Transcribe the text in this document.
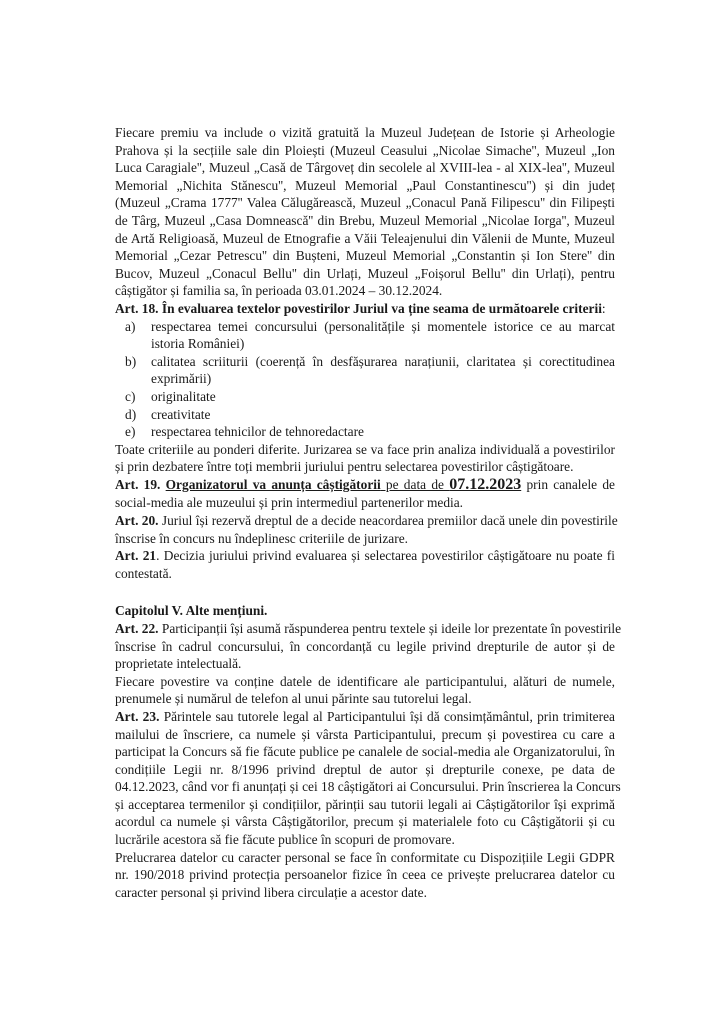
Fiecare premiu va include o vizită gratuită la Muzeul Județean de Istorie și Arheologie
Prahova și la secțiile sale din Ploiești (Muzeul Ceasului „Nicolae Simache'', Muzeul „Ion
Luca Caragiale'', Muzeul „Casă de Târgoveț din secolele al XVIII-lea - al XIX-lea'', Muzeul
Memorial „Nichita Stănescu'', Muzeul Memorial „Paul Constantinescu'') și din județ
(Muzeul „Crama 1777'' Valea Călugărească, Muzeul „Conacul Pană Filipescu'' din Filipești
de Târg, Muzeul „Casa Domnească'' din Brebu, Muzeul Memorial „Nicolae Iorga'', Muzeul
de Artă Religioasă, Muzeul de Etnografie a Văii Teleajenului din Vălenii de Munte, Muzeul
Memorial „Cezar Petrescu'' din Bușteni, Muzeul Memorial „Constantin și Ion Stere'' din
Bucov, Muzeul „Conacul Bellu'' din Urlați, Muzeul „Foișorul Bellu'' din Urlați), pentru
câștigător și familia sa, în perioada 03.01.2024 – 30.12.2024.
Art. 18. În evaluarea textelor povestirilor Juriul va ține seama de următoarele criterii:
a) respectarea temei concursului (personalitățile și momentele istorice ce au marcat
istoria României)
b) calitatea scriiturii (coerență în desfășurarea narațiunii, claritatea și corectitudinea
exprimării)
c) originalitate
d) creativitate
e) respectarea tehnicilor de tehnoredactare
Toate criteriile au ponderi diferite. Jurizarea se va face prin analiza individuală a povestirilor
și prin dezbatere între toți membrii juriului pentru selectarea povestirilor câștigătoare.
Art. 19. Organizatorul va anunța câștigătorii pe data de 07.12.2023 prin canalele de
social-media ale muzeului și prin intermediul partenerilor media.
Art. 20. Juriul își rezervă dreptul de a decide neacordarea premiilor dacă unele din povestirile
înscrise în concurs nu îndeplinesc criteriile de jurizare.
Art. 21. Decizia juriului privind evaluarea și selectarea povestirilor câștigătoare nu poate fi
contestată.
Capitolul V. Alte mențiuni.
Art. 22. Participanții își asumă răspunderea pentru textele și ideile lor prezentate în povestirile
înscrise în cadrul concursului, în concordanță cu legile privind drepturile de autor și de
proprietate intelectuală.
Fiecare povestire va conține datele de identificare ale participantului, alături de numele,
prenumele și numărul de telefon al unui părinte sau tutorelui legal.
Art. 23. Părintele sau tutorele legal al Participantului își dă consimțământul, prin trimiterea
mailului de înscriere, ca numele și vârsta Participantului, precum și povestirea cu care a
participat la Concurs să fie făcute publice pe canalele de social-media ale Organizatorului, în
condițiile Legii nr. 8/1996 privind dreptul de autor și drepturile conexe, pe data de
04.12.2023, când vor fi anunțați și cei 18 câștigători ai Concursului. Prin înscrierea la Concurs
și acceptarea termenilor și condițiilor, părinții sau tutorii legali ai Câștigătorilor își exprimă
acordul ca numele și vârsta Câștigătorilor, precum și materialele foto cu Câștigătorii și cu
lucrările acestora să fie făcute publice în scopuri de promovare.
Prelucrarea datelor cu caracter personal se face în conformitate cu Dispozițiile Legii GDPR
nr. 190/2018 privind protecția persoanelor fizice în ceea ce privește prelucrarea datelor cu
caracter personal și privind libera circulație a acestor date.
